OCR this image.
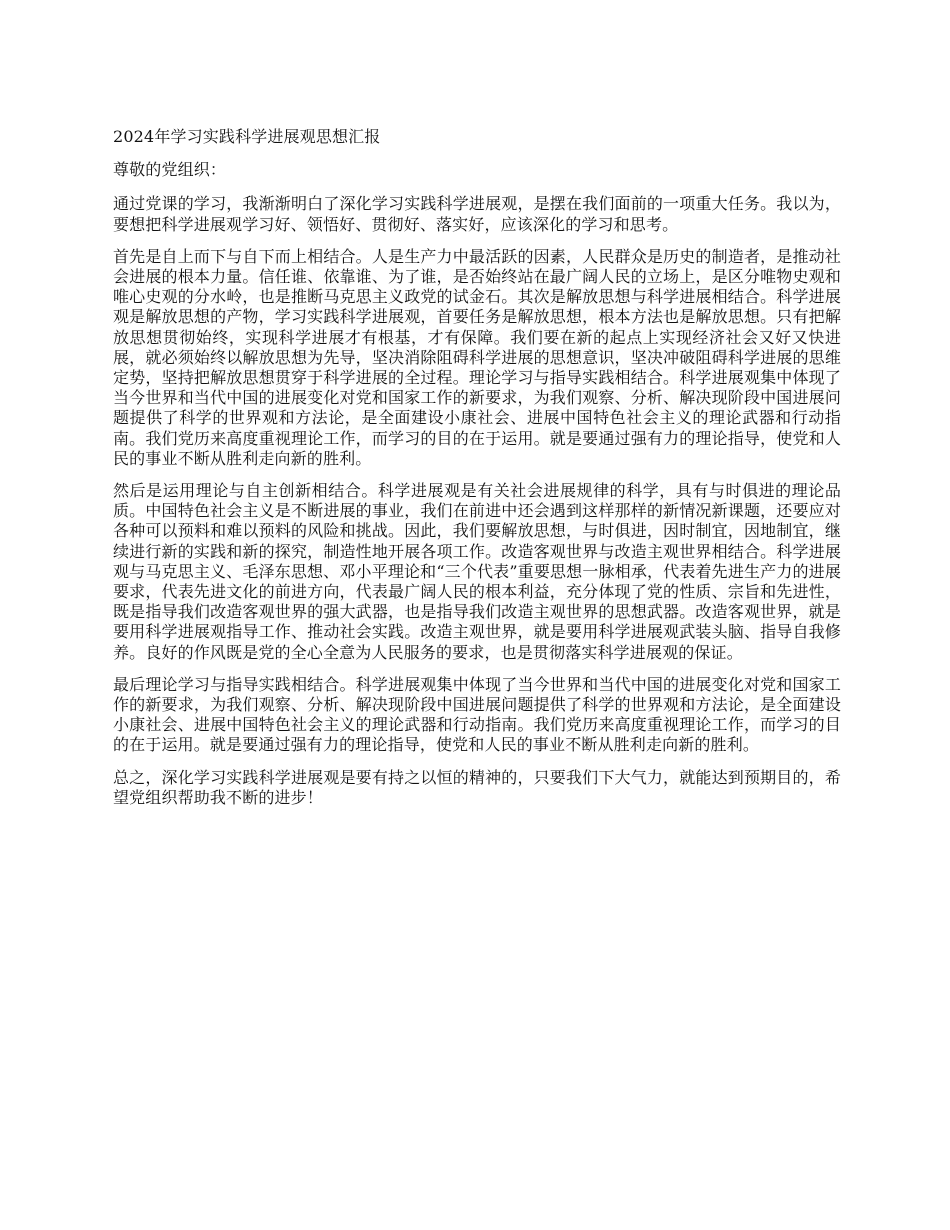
2024年学习实践科学进展观思想汇报

尊敬的党组织：

通过党课的学习，我渐渐明白了深化学习实践科学进展观，是摆在我们面前的一项重大任务。我以为，要想把科学进展观学习好、领悟好、贯彻好、落实好，应该深化的学习和思考。

首先是自上而下与自下而上相结合。人是生产力中最活跃的因素，人民群众是历史的制造者，是推动社会进展的根本力量。信任谁、依靠谁、为了谁，是否始终站在最广阔人民的立场上，是区分唯物史观和唯心史观的分水岭，也是推断马克思主义政党的试金石。其次是解放思想与科学进展相结合。科学进展观是解放思想的产物，学习实践科学进展观，首要任务是解放思想，根本方法也是解放思想。只有把解放思想贯彻始终，实现科学进展才有根基，才有保障。我们要在新的起点上实现经济社会又好又快进展，就必须始终以解放思想为先导，坚决消除阻碍科学进展的思想意识，坚决冲破阻碍科学进展的思维定势，坚持把解放思想贯穿于科学进展的全过程。理论学习与指导实践相结合。科学进展观集中体现了当今世界和当代中国的进展变化对党和国家工作的新要求，为我们观察、分析、解决现阶段中国进展问题提供了科学的世界观和方法论，是全面建设小康社会、进展中国特色社会主义的理论武器和行动指南。我们党历来高度重视理论工作，而学习的目的在于运用。就是要通过强有力的理论指导，使党和人民的事业不断从胜利走向新的胜利。

然后是运用理论与自主创新相结合。科学进展观是有关社会进展规律的科学，具有与时俱进的理论品质。中国特色社会主义是不断进展的事业，我们在前进中还会遇到这样那样的新情况新课题，还要应对各种可以预料和难以预料的风险和挑战。因此，我们要解放思想，与时俱进，因时制宜，因地制宜，继续进行新的实践和新的探究，制造性地开展各项工作。改造客观世界与改造主观世界相结合。科学进展观与马克思主义、毛泽东思想、邓小平理论和“三个代表”重要思想一脉相承，代表着先进生产力的进展要求，代表先进文化的前进方向，代表最广阔人民的根本利益，充分体现了党的性质、宗旨和先进性，既是指导我们改造客观世界的强大武器，也是指导我们改造主观世界的思想武器。改造客观世界，就是要用科学进展观指导工作、推动社会实践。改造主观世界，就是要用科学进展观武装头脑、指导自我修养。良好的作风既是党的全心全意为人民服务的要求，也是贯彻落实科学进展观的保证。

最后理论学习与指导实践相结合。科学进展观集中体现了当今世界和当代中国的进展变化对党和国家工作的新要求，为我们观察、分析、解决现阶段中国进展问题提供了科学的世界观和方法论，是全面建设小康社会、进展中国特色社会主义的理论武器和行动指南。我们党历来高度重视理论工作，而学习的目的在于运用。就是要通过强有力的理论指导，使党和人民的事业不断从胜利走向新的胜利。

总之，深化学习实践科学进展观是要有持之以恒的精神的，只要我们下大气力，就能达到预期目的，希望党组织帮助我不断的进步！
